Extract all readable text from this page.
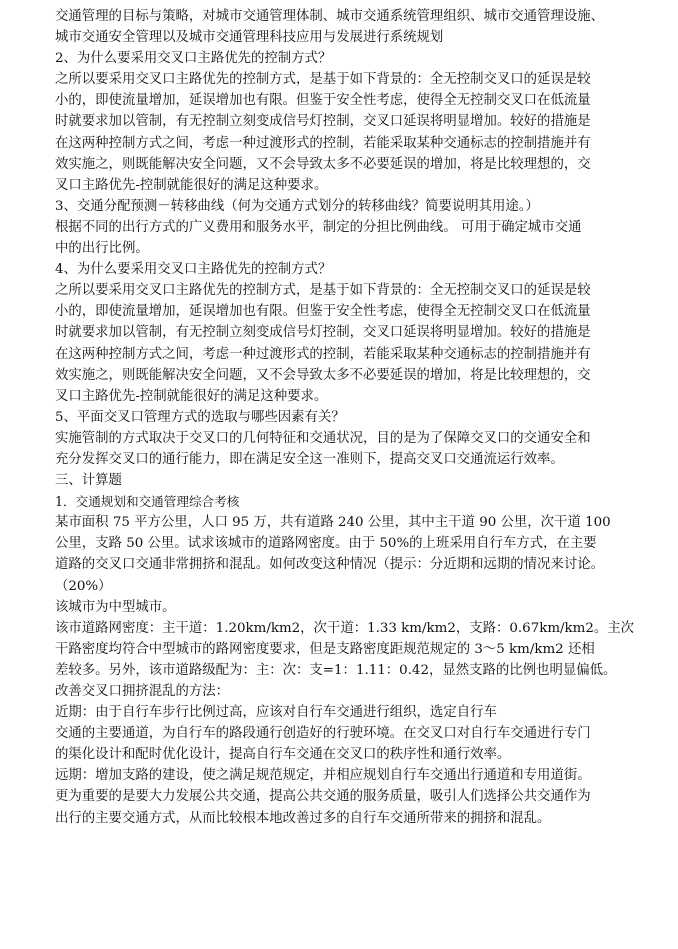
交通管理的目标与策略，对城市交通管理体制、城市交通系统管理组织、城市交通管理设施、
城市交通安全管理以及城市交通管理科技应用与发展进行系统规划
2、为什么要采用交叉口主路优先的控制方式？
之所以要采用交叉口主路优先的控制方式，是基于如下背景的：全无控制交叉口的延误是较
小的，即使流量增加，延误增加也有限。但鉴于安全性考虑，使得全无控制交叉口在低流量
时就要求加以管制，有无控制立刻变成信号灯控制，交叉口延误将明显增加。较好的措施是
在这两种控制方式之间，考虑一种过渡形式的控制，若能采取某种交通标志的控制措施并有
效实施之，则既能解决安全问题，又不会导致太多不必要延误的增加，将是比较理想的，交
叉口主路优先-控制就能很好的满足这种要求。
3、交通分配预测－转移曲线（何为交通方式划分的转移曲线？简要说明其用途。）
根据不同的出行方式的广义费用和服务水平，制定的分担比例曲线。 可用于确定城市交通
中的出行比例。
4、为什么要采用交叉口主路优先的控制方式？
之所以要采用交叉口主路优先的控制方式，是基于如下背景的：全无控制交叉口的延误是较
小的，即使流量增加，延误增加也有限。但鉴于安全性考虑，使得全无控制交叉口在低流量
时就要求加以管制，有无控制立刻变成信号灯控制，交叉口延误将明显增加。较好的措施是
在这两种控制方式之间，考虑一种过渡形式的控制，若能采取某种交通标志的控制措施并有
效实施之，则既能解决安全问题，又不会导致太多不必要延误的增加，将是比较理想的，交
叉口主路优先-控制就能很好的满足这种要求。
5、平面交叉口管理方式的选取与哪些因素有关？
实施管制的方式取决于交叉口的几何特征和交通状况，目的是为了保障交叉口的交通安全和
充分发挥交叉口的通行能力，即在满足安全这一准则下，提高交叉口交通流运行效率。
三、计算题
1．交通规划和交通管理综合考核
某市面积 75 平方公里，人口 95 万，共有道路 240 公里，其中主干道 90 公里，次干道 100
公里，支路 50 公里。试求该城市的道路网密度。由于 50%的上班采用自行车方式，在主要
道路的交叉口交通非常拥挤和混乱。如何改变这种情况（提示：分近期和远期的情况来讨论。
（20%）
该城市为中型城市。
该市道路网密度：主干道：1.20km/km2，次干道：1.33 km/km2，支路：0.67km/km2。主次
干路密度均符合中型城市的路网密度要求，但是支路密度距规范规定的 3～5 km/km2 还相
差较多。另外，该市道路级配为：主：次：支=1：1.11：0.42，显然支路的比例也明显偏低。
改善交叉口拥挤混乱的方法：
近期：由于自行车步行比例过高，应该对自行车交通进行组织，选定自行车
交通的主要通道，为自行车的路段通行创造好的行驶环境。在交叉口对自行车交通进行专门
的渠化设计和配时优化设计，提高自行车交通在交叉口的秩序性和通行效率。
远期：增加支路的建设，使之满足规范规定，并相应规划自行车交通出行通道和专用道街。
更为重要的是要大力发展公共交通，提高公共交通的服务质量，吸引人们选择公共交通作为
出行的主要交通方式，从而比较根本地改善过多的自行车交通所带来的拥挤和混乱。
